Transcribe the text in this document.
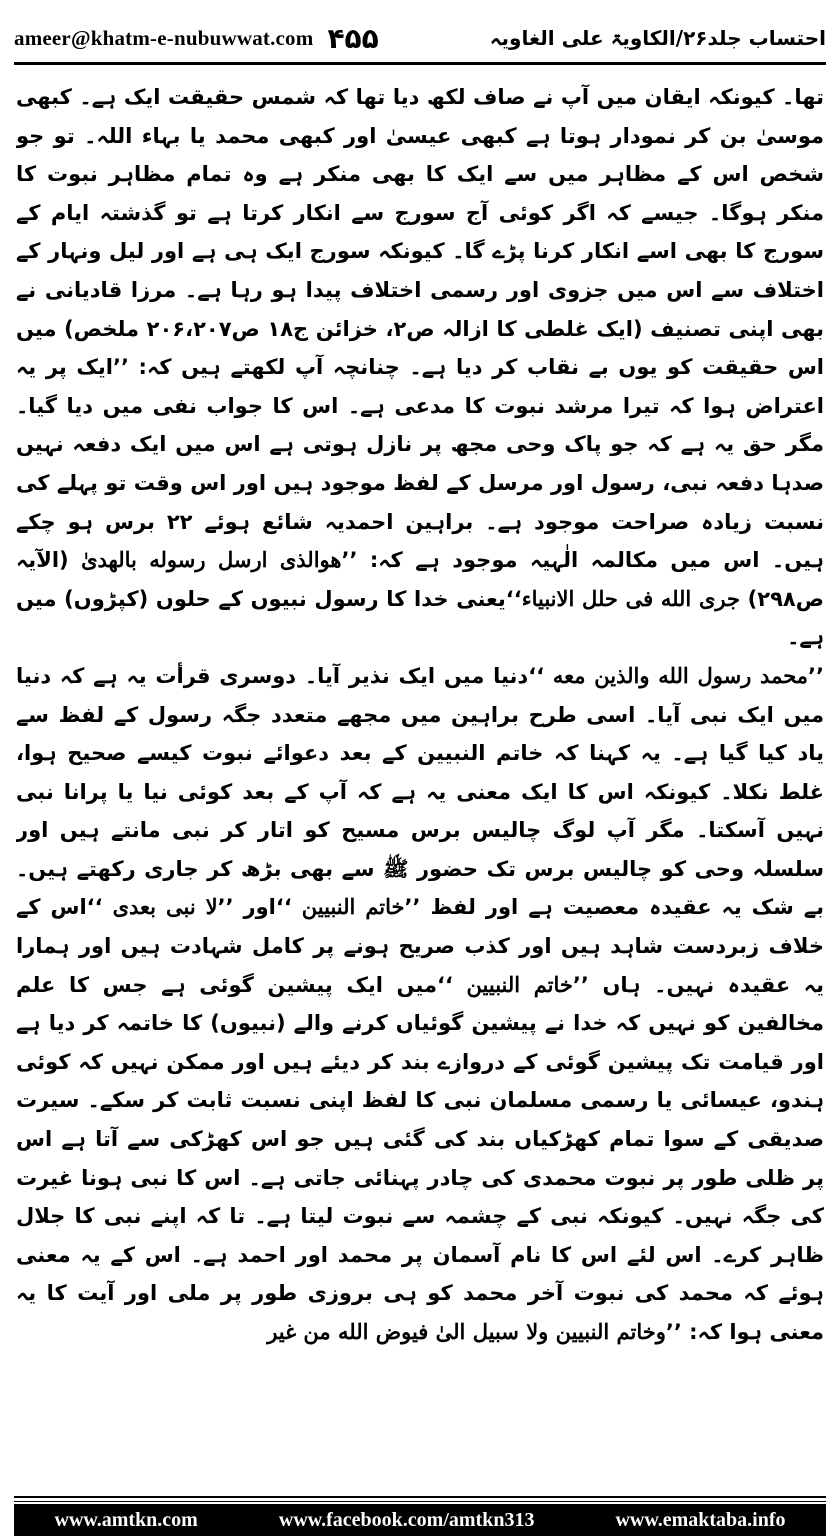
ameer@khatm-e-nubuwwat.com ۴۵۵	احتساب جلد۲۶/الکاویۃ علی الغاویہ

تھا۔ کیونکہ ایقان میں آپ نے صاف لکھ دیا تھا کہ شمس حقیقت ایک ہے۔ کبھی موسیٰ بن کر نمودار ہوتا ہے کبھی عیسیٰ اور کبھی محمد یا بہاء اللہ۔ تو جو شخص اس کے مظاہر میں سے ایک کا بھی منکر ہے وہ تمام مظاہر نبوت کا منکر ہوگا۔ جیسے کہ اگر کوئی آج سورج سے انکار کرتا ہے تو گذشتہ ایام کے سورج کا بھی اسے انکار کرنا پڑے گا۔ کیونکہ سورج ایک ہی ہے اور لیل ونہار کے اختلاف سے اس میں جزوی اور رسمی اختلاف پیدا ہو رہا ہے۔ مرزا قادیانی نے بھی اپنی تصنیف (ایک غلطی کا ازالہ ص۲، خزائن ج۱۸ ص۲۰۶،۲۰۷ ملخص) میں اس حقیقت کو یوں بے نقاب کر دیا ہے۔ چنانچہ آپ لکھتے ہیں کہ: ’’ایک پر یہ اعتراض ہوا کہ تیرا مرشد نبوت کا مدعی ہے۔ اس کا جواب نفی میں دیا گیا۔ مگر حق یہ ہے کہ جو پاک وحی مجھ پر نازل ہوتی ہے اس میں ایک دفعہ نہیں صدہا دفعہ نبی، رسول اور مرسل کے لفظ موجود ہیں اور اس وقت تو پہلے کی نسبت زیادہ صراحت موجود ہے۔ براہین احمدیہ شائع ہوئے ۲۲ برس ہو چکے ہیں۔ اس میں مکالمہ الٰہیہ موجود ہے کہ: ’’ھوالذی ارسل رسوله بالهدیٰ (الآیہ ص۲۹۸) جری الله فی حلل الانبیاء‘‘یعنی خدا کا رسول نبیوں کے حلوں (کپڑوں) میں ہے۔

’’محمد رسول الله والذین معه ‘‘دنیا میں ایک نذیر آیا۔ دوسری قرأت یہ ہے کہ دنیا میں ایک نبی آیا۔ اسی طرح براہین میں مجھے متعدد جگہ رسول کے لفظ سے یاد کیا گیا ہے۔ یہ کہنا کہ خاتم النبیین کے بعد دعوائے نبوت کیسے صحیح ہوا، غلط نکلا۔ کیونکہ اس کا ایک معنی یہ ہے کہ آپ کے بعد کوئی نیا یا پرانا نبی نہیں آسکتا۔ مگر آپ لوگ چالیس برس مسیح کو اتار کر نبی مانتے ہیں اور سلسلہ وحی کو چالیس برس تک حضور ﷺ سے بھی بڑھ کر جاری رکھتے ہیں۔ بے شک یہ عقیدہ معصیت ہے اور لفظ ’’خاتم النبیین ‘‘اور ’’لا نبی بعدی ‘‘اس کے خلاف زبردست شاہد ہیں اور کذب صریح ہونے پر کامل شہادت ہیں اور ہمارا یہ عقیدہ نہیں۔ ہاں ’’خاتم النبیین ‘‘میں ایک پیشین گوئی ہے جس کا علم مخالفین کو نہیں کہ خدا نے پیشین گوئیاں کرنے والے (نبیوں) کا خاتمہ کر دیا ہے اور قیامت تک پیشین گوئی کے دروازے بند کر دیئے ہیں اور ممکن نہیں کہ کوئی ہندو، عیسائی یا رسمی مسلمان نبی کا لفظ اپنی نسبت ثابت کر سکے۔ سیرت صدیقی کے سوا تمام کھڑکیاں بند کی گئی ہیں جو اس کھڑکی سے آتا ہے اس پر ظلی طور پر نبوت محمدی کی چادر پہنائی جاتی ہے۔ اس کا نبی ہونا غیرت کی جگہ نہیں۔ کیونکہ نبی کے چشمہ سے نبوت لیتا ہے۔ تا کہ اپنے نبی کا جلال ظاہر کرے۔ اس لئے اس کا نام آسمان پر محمد اور احمد ہے۔ اس کے یہ معنی ہوئے کہ محمد کی نبوت آخر محمد کو ہی بروزی طور پر ملی اور آیت کا یہ معنی ہوا کہ: ’’وخاتم النبیین ولا سبیل الیٰ فیوض الله من غیر

www.amtkn.com	www.facebook.com/amtkn313	www.emaktaba.info
